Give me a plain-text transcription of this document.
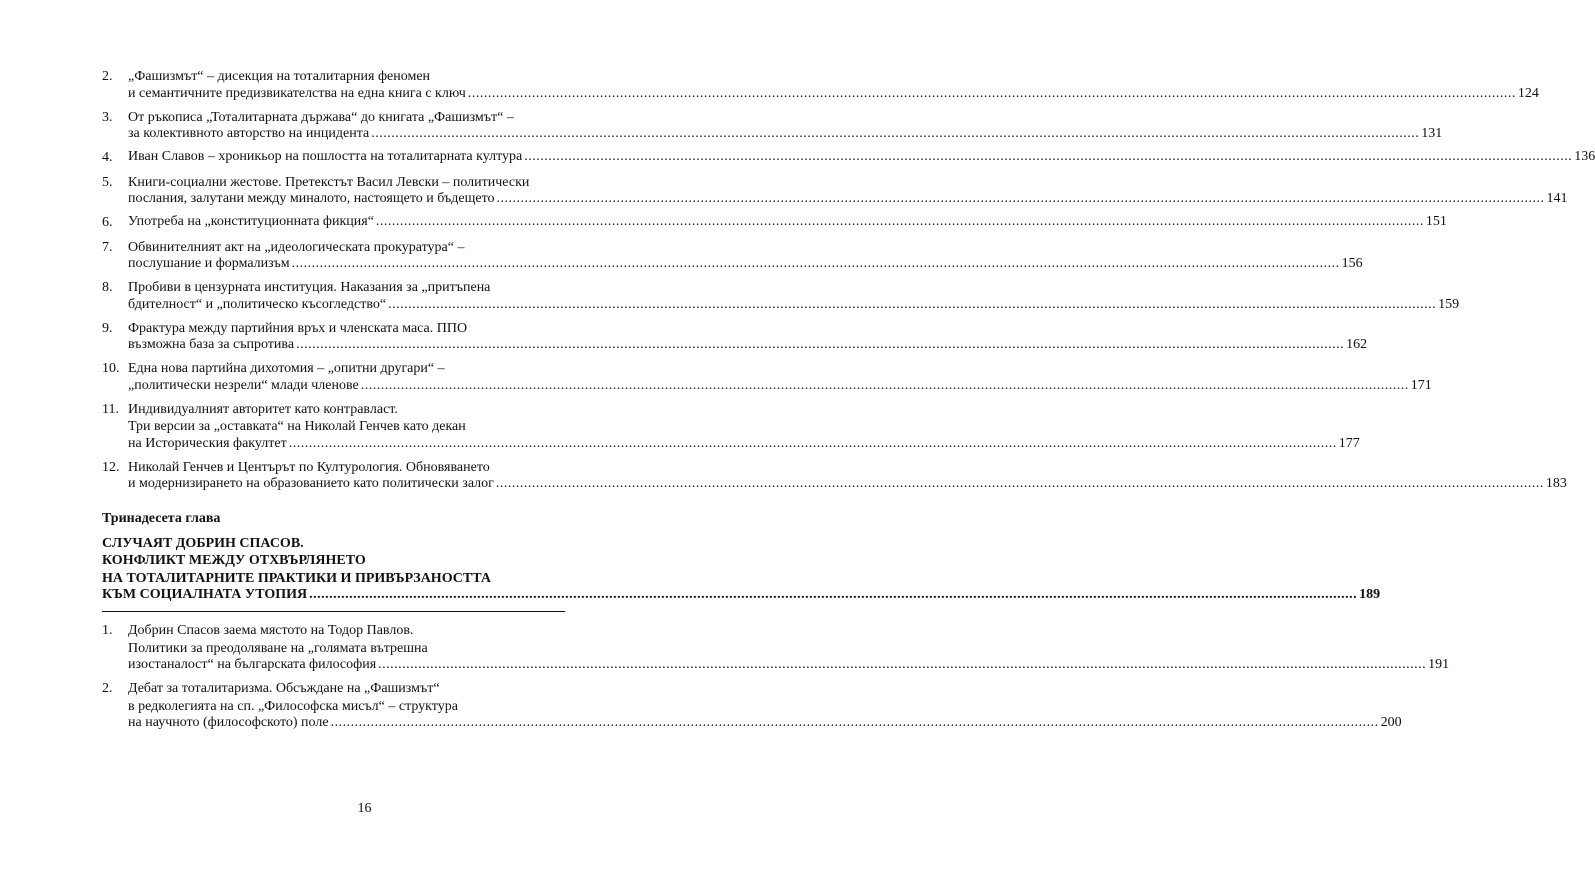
2.	„Фашизмът“ – дисекция на тоталитарния феномен
и семантичните предизвикателства на една книга с ключ .....	124
3.	От ръкописа „Тоталитарната държава“ до книгата „Фашизмът“ –
за колективното авторство на инцидента .....	131
4.	Иван Славов – хроникьор на пошлостта на тоталитарната култура .....	136
5.	Книги-социални жестове. Претекстът Васил Левски – политически
послания, залутани между миналото, настоящето и бъдещето .....	141
6.	Употреба на „конституционната фикция“ .....	151
7.	Обвинителният акт на „идеологическата прокуратура“ –
послушание и формализъм .....	156
8.	Пробиви в цензурната институция. Наказания за „притъпена
бдителност“ и „политическо късогледство“ .....	159
9.	Фрактура между партийния връх и членската маса. ППО
възможна база за съпротива .....	162
10. Една нова партийна дихотомия – „опитни другари“ –
„политически незрели“ млади членове .....	171
11. Индивидуалният авторитет като контравласт.
Три версии за „оставката“ на Николай Генчев като декан
на Историческия факултет .....	177
12. Николай Генчев и Центърът по Културология. Обновяването
и модернизирането на образованието като политически залог .....	183
Тринадесета глава
СЛУЧАЯТ ДОБРИН СПАСОВ.
КОНФЛИКТ МЕЖДУ ОТХВЪРЛЯНЕТО
НА ТОТАЛИТАРНИТЕ ПРАКТИКИ И ПРИВЪРЗАНОСТТА
КЪМ СОЦИАЛНАТА УТОПИЯ .....	189
1.	Добрин Спасов заема мястото на Тодор Павлов.
Политики за преодоляване на „голямата вътрешна
изостаналост“ на българската философия .....	191
2.	Дебат за тоталитаризма. Обсъждане на „Фашизмът“
в редколегията на сп. „Философска мисъл“ – структура
на научното (философското) поле .....	200
16
